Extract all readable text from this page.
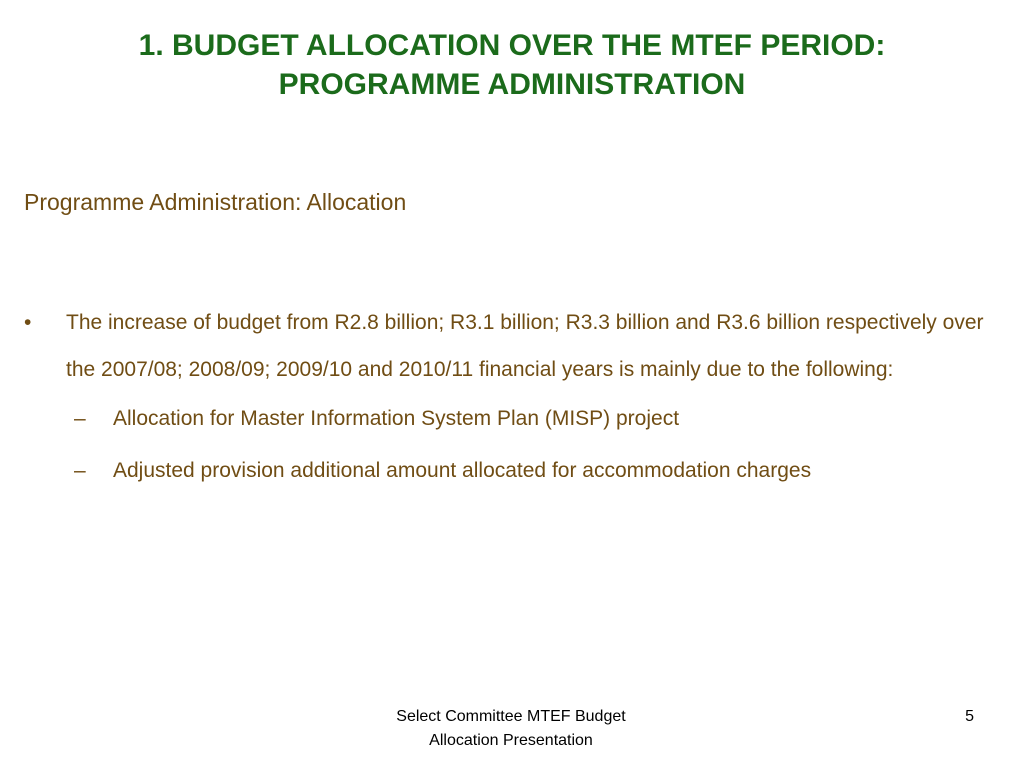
1. BUDGET ALLOCATION OVER THE MTEF PERIOD:
PROGRAMME ADMINISTRATION
Programme Administration: Allocation
•	The increase of budget from R2.8 billion; R3.1 billion; R3.3 billion and R3.6 billion respectively over the 2007/08; 2008/09; 2009/10 and 2010/11 financial years is mainly due to the following:
–	Allocation for Master Information System Plan (MISP) project
–	Adjusted provision additional amount allocated for accommodation charges
Select Committee MTEF Budget
Allocation Presentation
5
